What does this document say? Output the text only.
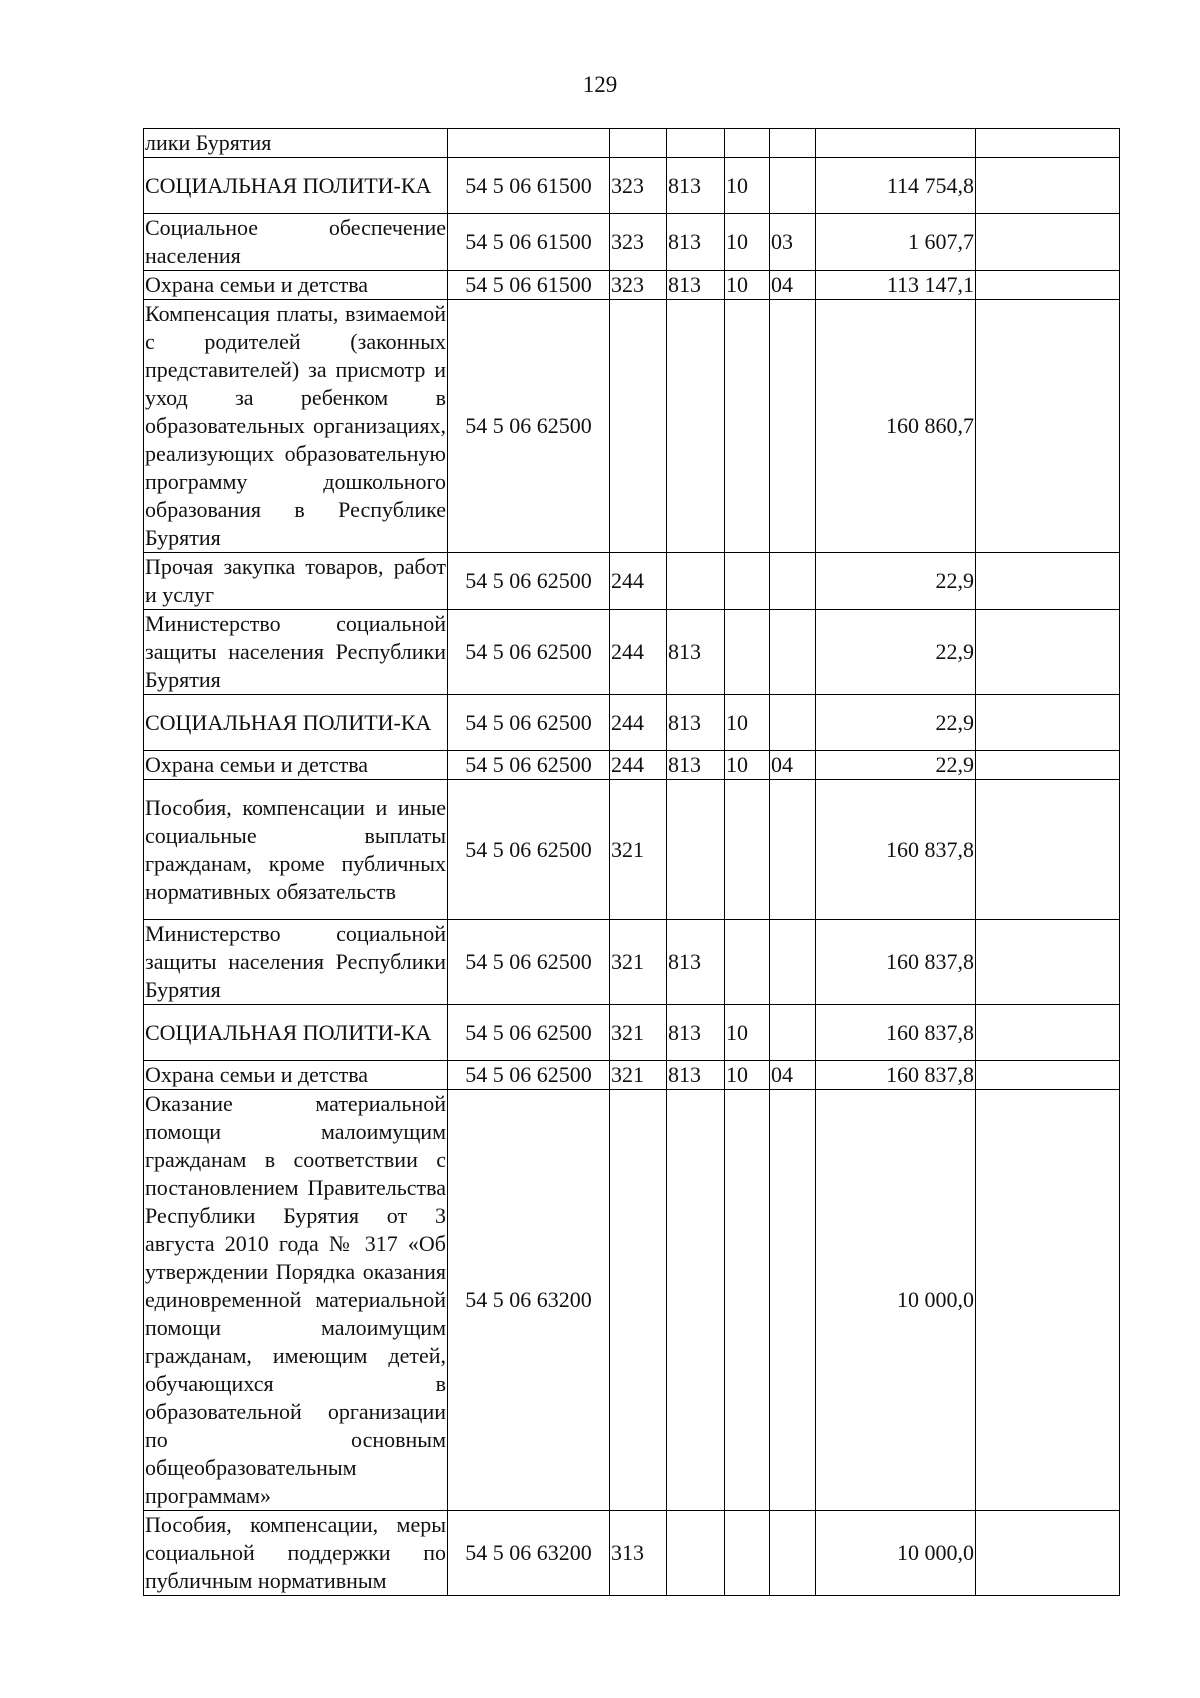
129
лики Бурятия							
СОЦИАЛЬНАЯ ПОЛИТИ-КА	54 5 06 61500	323	813	10		114 754,8	
Социальное обеспечение населения	54 5 06 61500	323	813	10	03	1 607,7	
Охрана семьи и детства	54 5 06 61500	323	813	10	04	113 147,1	
Компенсация платы, взимаемой с родителей (законных представителей) за присмотр и уход за ребенком в образовательных организациях, реализующих образовательную программу дошкольного образования в Республике Бурятия	54 5 06 62500					160 860,7	
Прочая закупка товаров, работ и услуг	54 5 06 62500	244				22,9	
Министерство социальной защиты населения Республики Бурятия	54 5 06 62500	244	813			22,9	
СОЦИАЛЬНАЯ ПОЛИТИ-КА	54 5 06 62500	244	813	10		22,9	
Охрана семьи и детства	54 5 06 62500	244	813	10	04	22,9	
Пособия, компенсации и иные социальные выплаты гражданам, кроме публичных нормативных обязательств	54 5 06 62500	321				160 837,8	
Министерство социальной защиты населения Республики Бурятия	54 5 06 62500	321	813			160 837,8	
СОЦИАЛЬНАЯ ПОЛИТИ-КА	54 5 06 62500	321	813	10		160 837,8	
Охрана семьи и детства	54 5 06 62500	321	813	10	04	160 837,8	
Оказание материальной помощи малоимущим гражданам в соответствии с постановлением Правительства Республики Бурятия от 3 августа 2010 года № 317 «Об утверждении Порядка оказания единовременной материальной помощи малоимущим гражданам, имеющим детей, обучающихся в образовательной организации по основным общеобразовательным программам»	54 5 06 63200					10 000,0	
Пособия, компенсации, меры социальной поддержки по публичным нормативным	54 5 06 63200	313				10 000,0	
